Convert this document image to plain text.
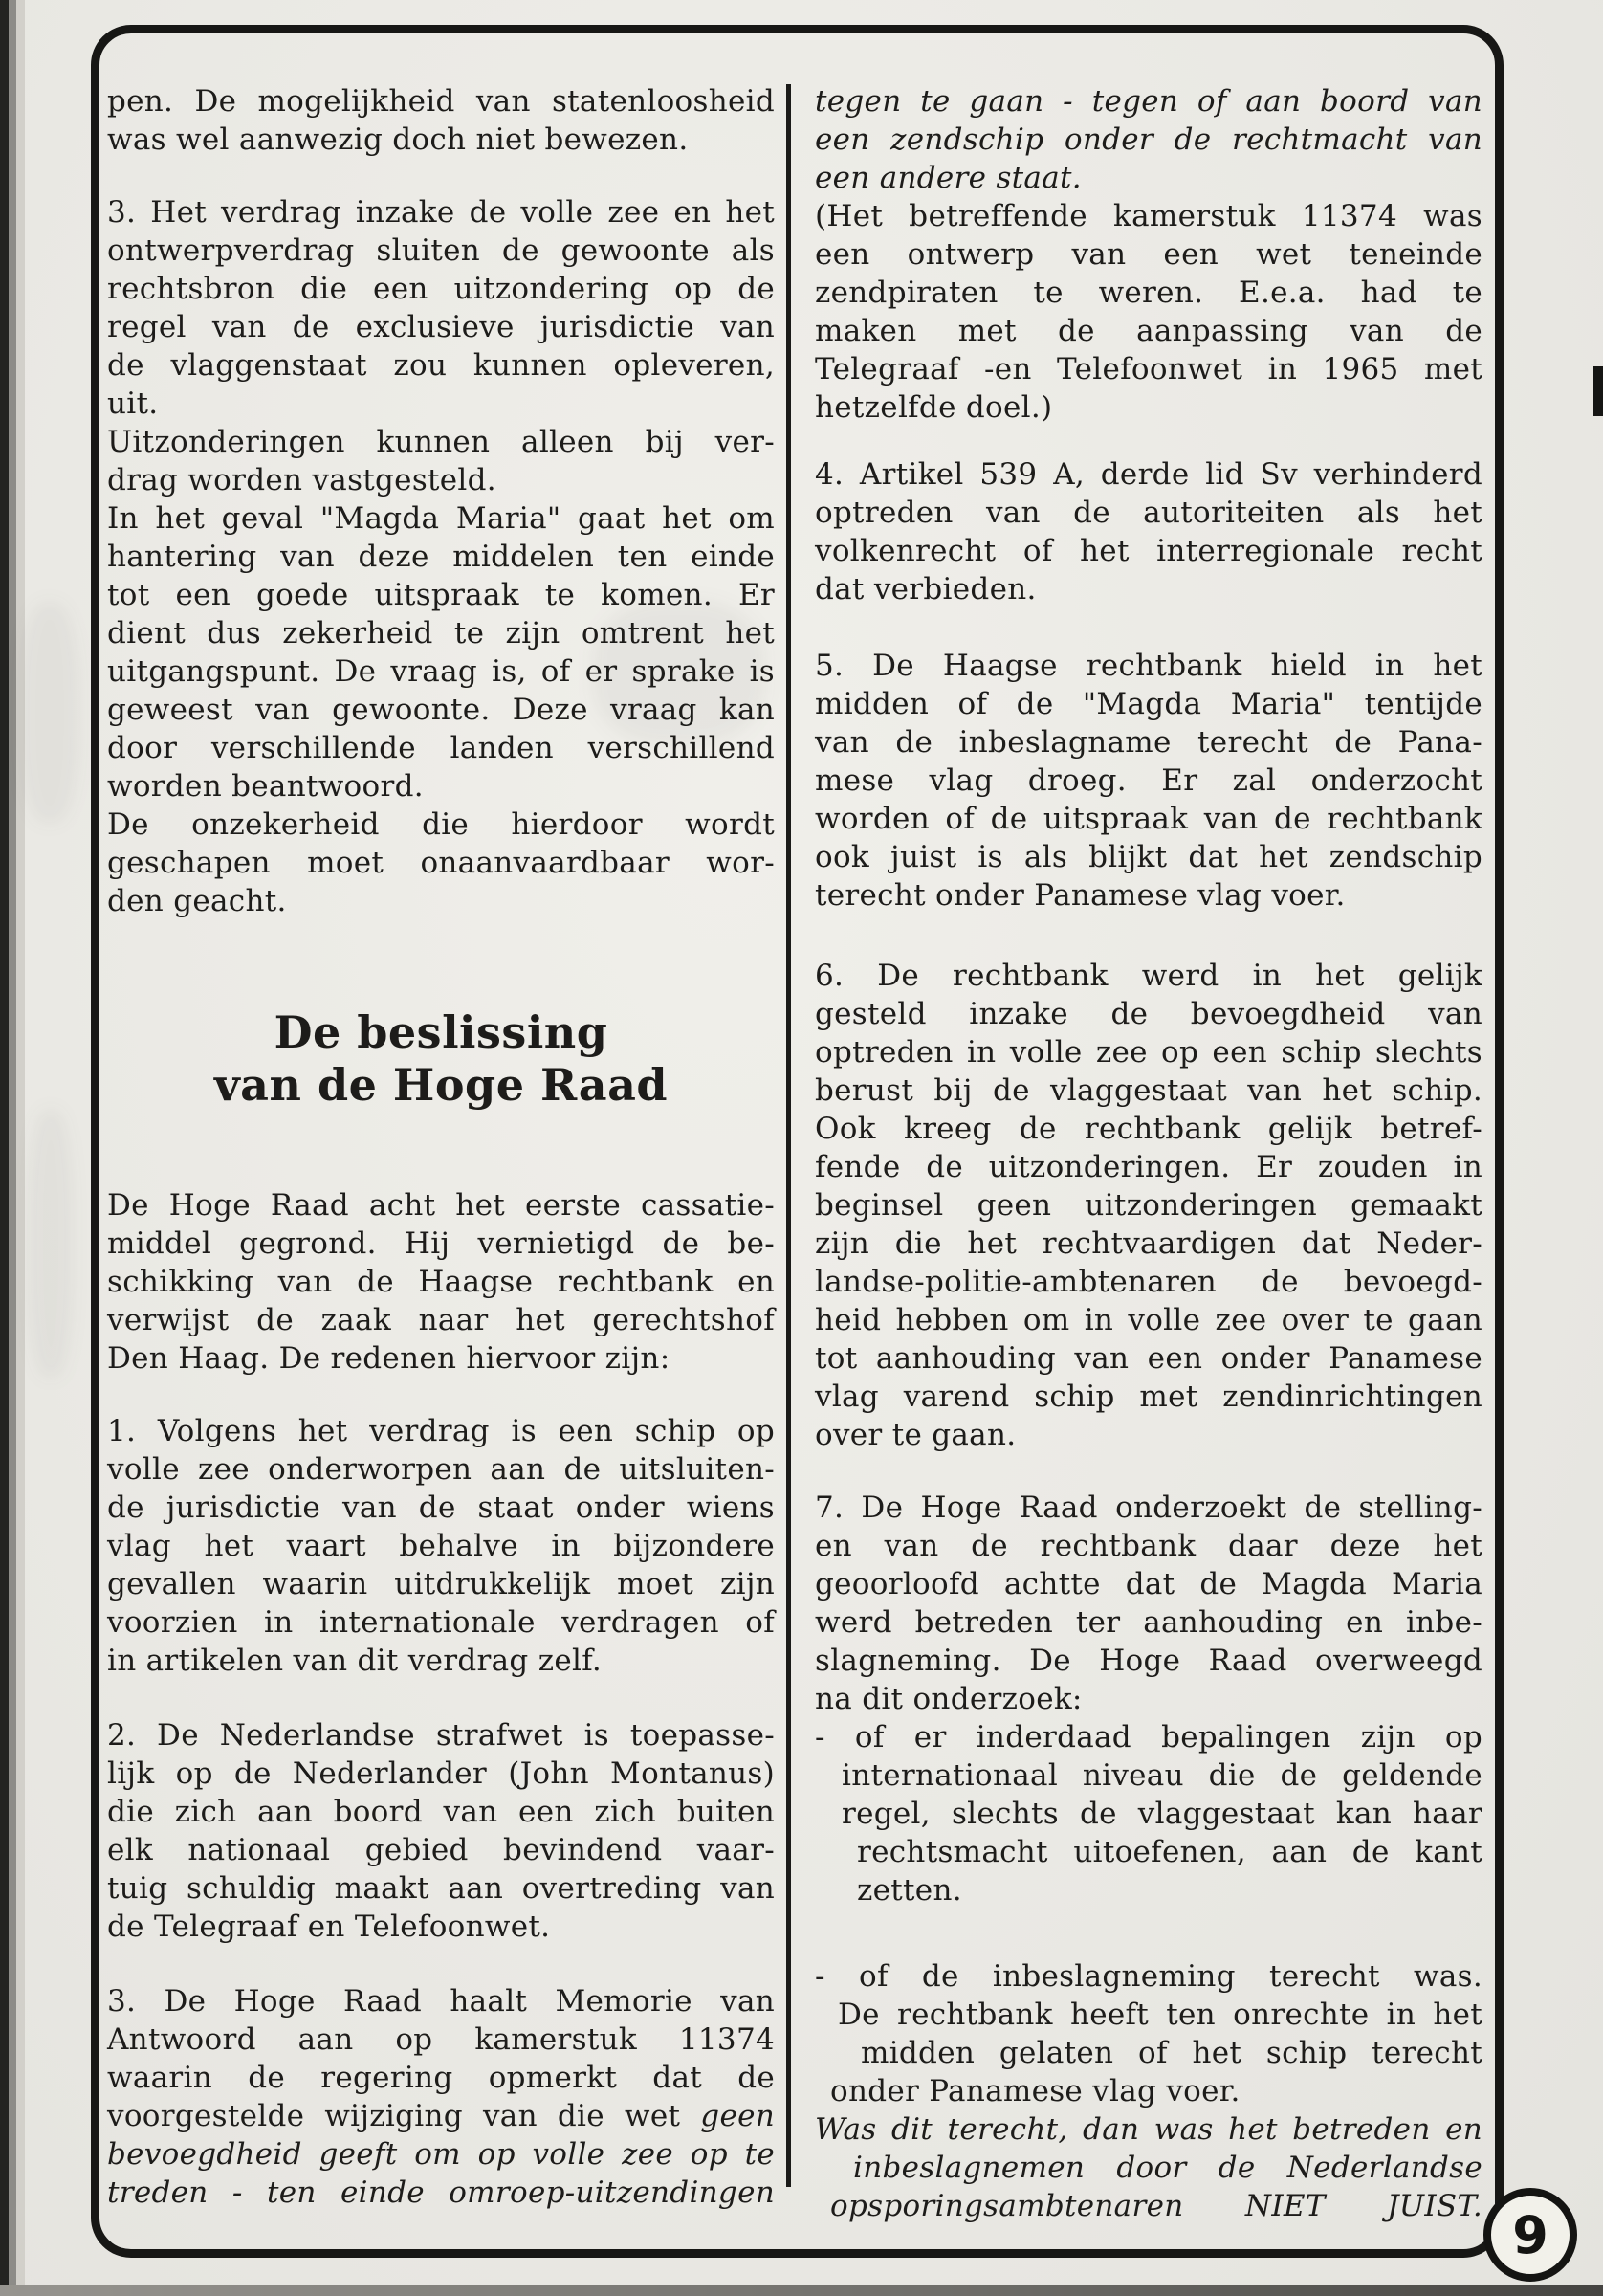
pen. De mogelijkheid van statenloosheid
was wel aanwezig doch niet bewezen.
3. Het verdrag inzake de volle zee en het
ontwerpverdrag sluiten de gewoonte als
rechtsbron die een uitzondering op de
regel van de exclusieve jurisdictie van
de vlaggenstaat zou kunnen opleveren,
uit.
Uitzonderingen kunnen alleen bij ver-
drag worden vastgesteld.
In het geval "Magda Maria" gaat het om
hantering van deze middelen ten einde
tot een goede uitspraak te komen. Er
dient dus zekerheid te zijn omtrent het
uitgangspunt. De vraag is, of er sprake is
geweest van gewoonte. Deze vraag kan
door verschillende landen verschillend
worden beantwoord.
De onzekerheid die hierdoor wordt
geschapen moet onaanvaardbaar wor-
den geacht.
De beslissing
van de Hoge Raad
De Hoge Raad acht het eerste cassatie-
middel gegrond. Hij vernietigd de be-
schikking van de Haagse rechtbank en
verwijst de zaak naar het gerechtshof
Den Haag. De redenen hiervoor zijn:
1. Volgens het verdrag is een schip op
volle zee onderworpen aan de uitsluiten-
de jurisdictie van de staat onder wiens
vlag het vaart behalve in bijzondere
gevallen waarin uitdrukkelijk moet zijn
voorzien in internationale verdragen of
in artikelen van dit verdrag zelf.
2. De Nederlandse strafwet is toepasse-
lijk op de Nederlander (John Montanus)
die zich aan boord van een zich buiten
elk nationaal gebied bevindend vaar-
tuig schuldig maakt aan overtreding van
de Telegraaf en Telefoonwet.
3. De Hoge Raad haalt Memorie van
Antwoord aan op kamerstuk 11374
waarin de regering opmerkt dat de
voorgestelde wijziging van die wet geen
bevoegdheid geeft om op volle zee op te
treden - ten einde omroep-uitzendingen
tegen te gaan - tegen of aan boord van
een zendschip onder de rechtmacht van
een andere staat.
(Het betreffende kamerstuk 11374 was
een ontwerp van een wet teneinde
zendpiraten te weren. E.e.a. had te
maken met de aanpassing van de
Telegraaf -en Telefoonwet in 1965 met
hetzelfde doel.)
4. Artikel 539 A, derde lid Sv verhinderd
optreden van de autoriteiten als het
volkenrecht of het interregionale recht
dat verbieden.
5. De Haagse rechtbank hield in het
midden of de "Magda Maria" tentijde
van de inbeslagname terecht de Pana-
mese vlag droeg. Er zal onderzocht
worden of de uitspraak van de rechtbank
ook juist is als blijkt dat het zendschip
terecht onder Panamese vlag voer.
6. De rechtbank werd in het gelijk
gesteld inzake de bevoegdheid van
optreden in volle zee op een schip slechts
berust bij de vlaggestaat van het schip.
Ook kreeg de rechtbank gelijk betref-
fende de uitzonderingen. Er zouden in
beginsel geen uitzonderingen gemaakt
zijn die het rechtvaardigen dat Neder-
landse-politie-ambtenaren de bevoegd-
heid hebben om in volle zee over te gaan
tot aanhouding van een onder Panamese
vlag varend schip met zendinrichtingen
over te gaan.
7. De Hoge Raad onderzoekt de stelling-
en van de rechtbank daar deze het
geoorloofd achtte dat de Magda Maria
werd betreden ter aanhouding en inbe-
slagneming. De Hoge Raad overweegd
na dit onderzoek:
- of er inderdaad bepalingen zijn op
internationaal niveau die de geldende
regel, slechts de vlaggestaat kan haar
rechtsmacht uitoefenen, aan de kant
zetten.
- of de inbeslagneming terecht was.
De rechtbank heeft ten onrechte in het
midden gelaten of het schip terecht
onder Panamese vlag voer.
Was dit terecht, dan was het betreden en
inbeslagnemen door de Nederlandse
opsporingsambtenaren NIET JUIST. 9
